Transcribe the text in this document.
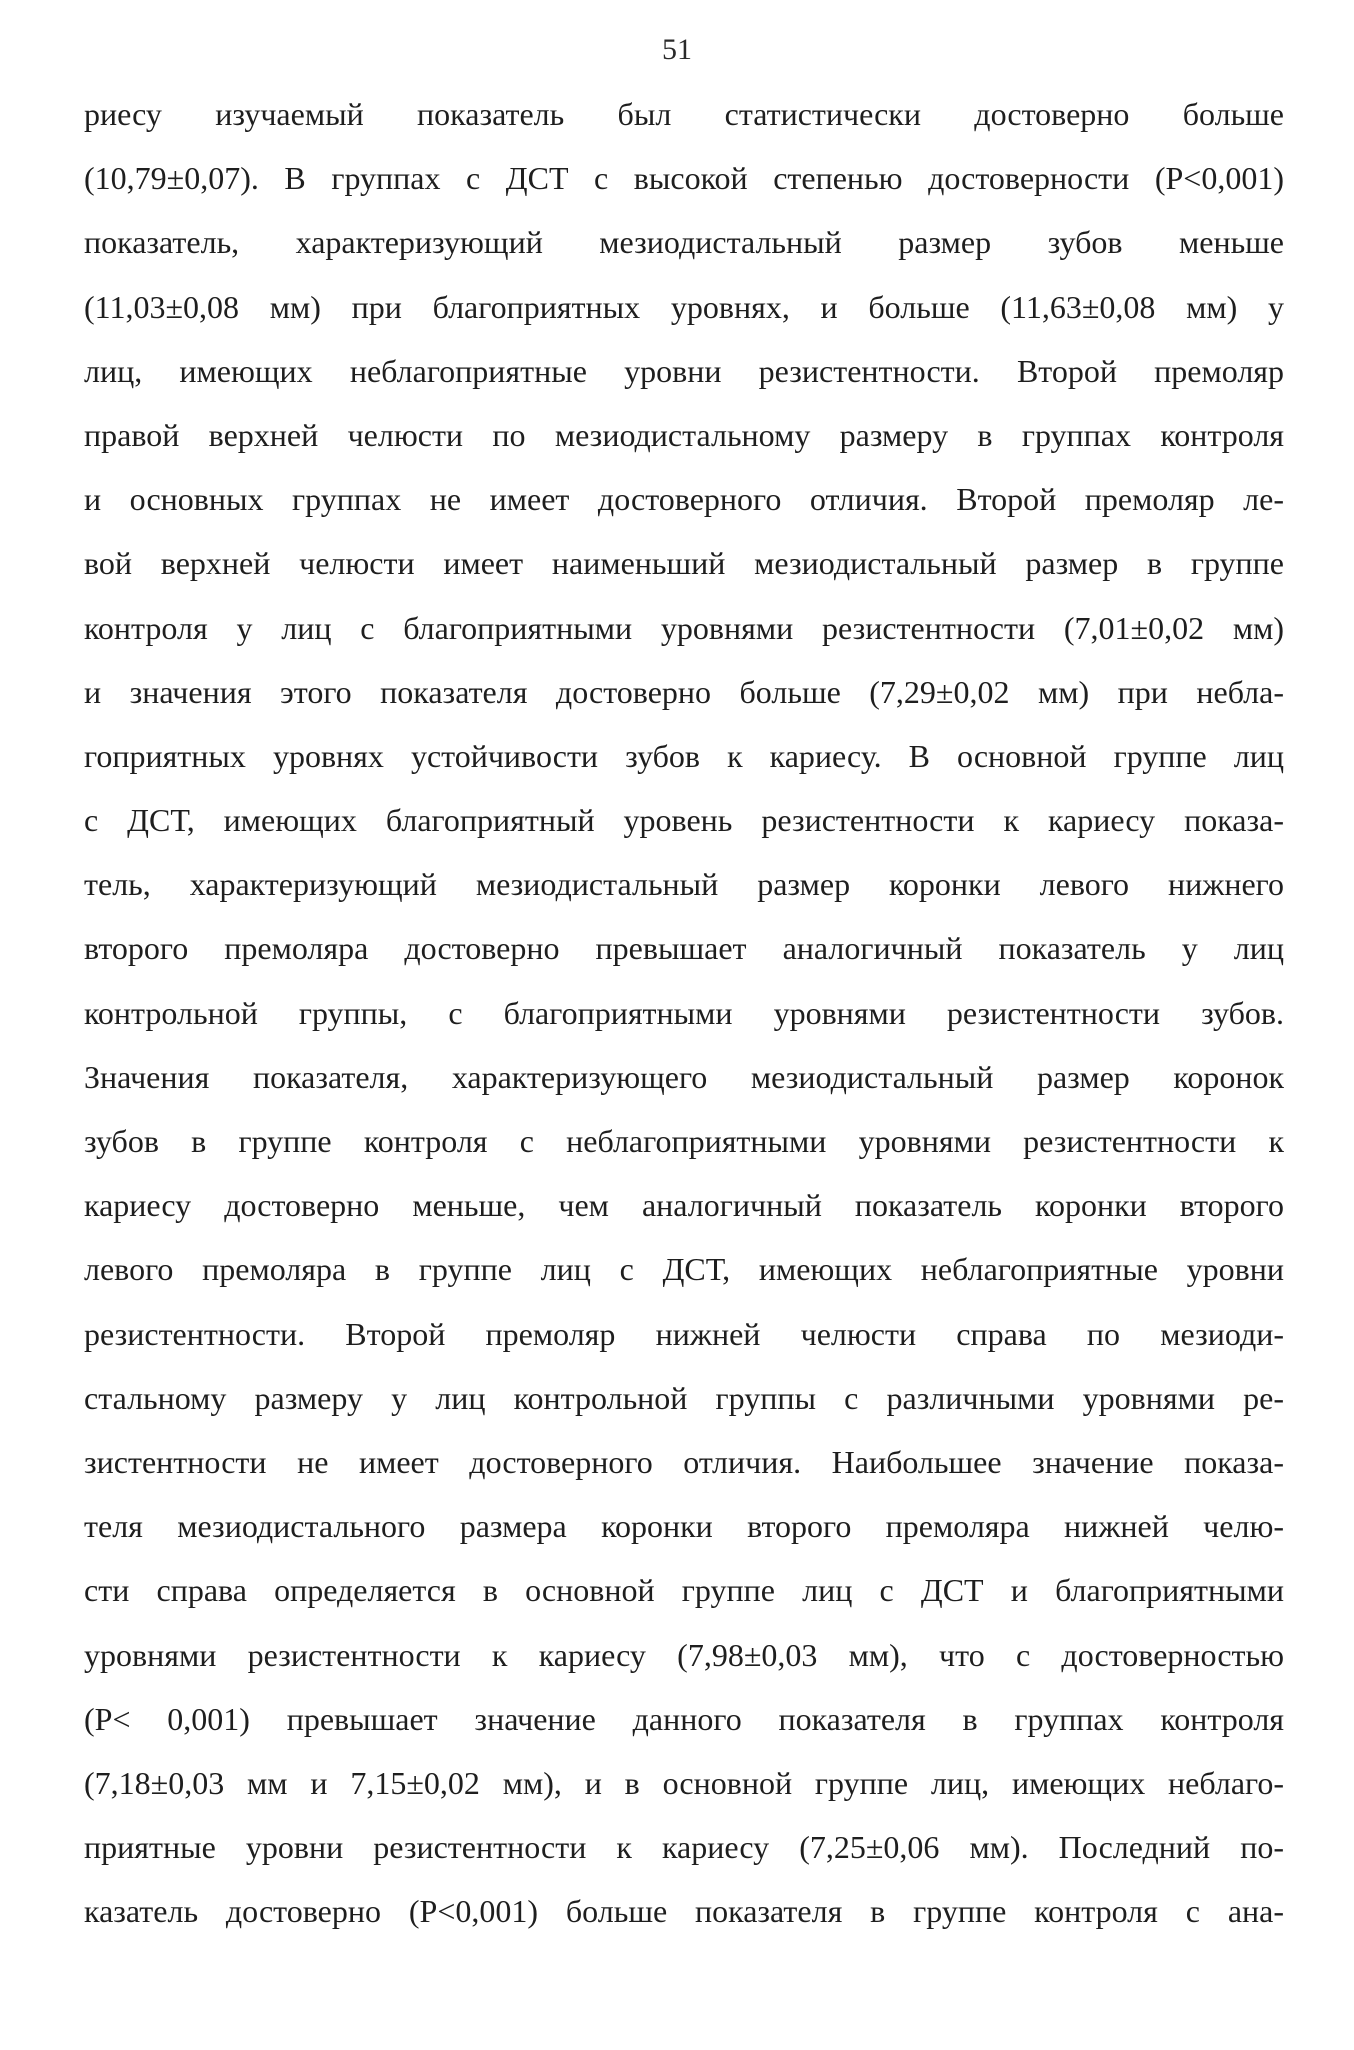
51
риесу изучаемый показатель был статистически достоверно больше
(10,79±0,07). В группах с ДСТ с высокой степенью достоверности (Р<0,001)
показатель, характеризующий мезиодистальный размер зубов меньше
(11,03±0,08 мм) при благоприятных уровнях, и больше (11,63±0,08 мм) у
лиц, имеющих неблагоприятные уровни резистентности. Второй премоляр
правой верхней челюсти по мезиодистальному размеру в группах контроля
и основных группах не имеет достоверного отличия. Второй премоляр ле-
вой верхней челюсти имеет наименьший мезиодистальный размер в группе
контроля у лиц с благоприятными уровнями резистентности (7,01±0,02 мм)
и значения этого показателя достоверно больше (7,29±0,02 мм) при небла-
гоприятных уровнях устойчивости зубов к кариесу. В основной группе лиц
с ДСТ, имеющих благоприятный уровень резистентности к кариесу показа-
тель, характеризующий мезиодистальный размер коронки левого нижнего
второго премоляра достоверно превышает аналогичный показатель у лиц
контрольной группы, с благоприятными уровнями резистентности зубов.
Значения показателя, характеризующего мезиодистальный размер коронок
зубов в группе контроля с неблагоприятными уровнями резистентности к
кариесу достоверно меньше, чем аналогичный показатель коронки второго
левого премоляра в группе лиц с ДСТ, имеющих неблагоприятные уровни
резистентности. Второй премоляр нижней челюсти справа по мезиоди-
стальному размеру у лиц контрольной группы с различными уровнями ре-
зистентности не имеет достоверного отличия. Наибольшее значение показа-
теля мезиодистального размера коронки второго премоляра нижней челю-
сти справа определяется в основной группе лиц с ДСТ и благоприятными
уровнями резистентности к кариесу (7,98±0,03 мм), что с достоверностью
(Р< 0,001) превышает значение данного показателя в группах контроля
(7,18±0,03 мм и 7,15±0,02 мм), и в основной группе лиц, имеющих неблаго-
приятные уровни резистентности к кариесу (7,25±0,06 мм). Последний по-
казатель достоверно (Р<0,001) больше показателя в группе контроля с ана-
